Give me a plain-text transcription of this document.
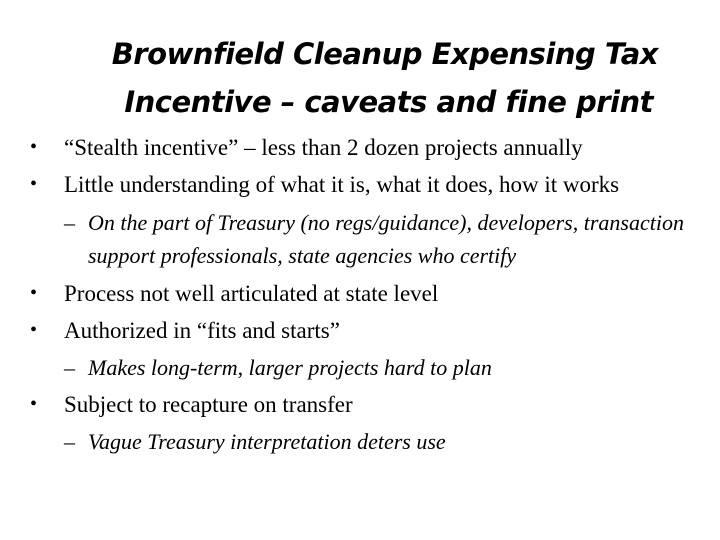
Brownfield Cleanup Expensing Tax
Incentive – caveats and fine print
• “Stealth incentive” – less than 2 dozen projects annually
• Little understanding of what it is, what it does, how it works
– On the part of Treasury (no regs/guidance), developers, transaction support professionals, state agencies who certify
• Process not well articulated at state level
• Authorized in “fits and starts”
– Makes long-term, larger projects hard to plan
• Subject to recapture on transfer
– Vague Treasury interpretation deters use
